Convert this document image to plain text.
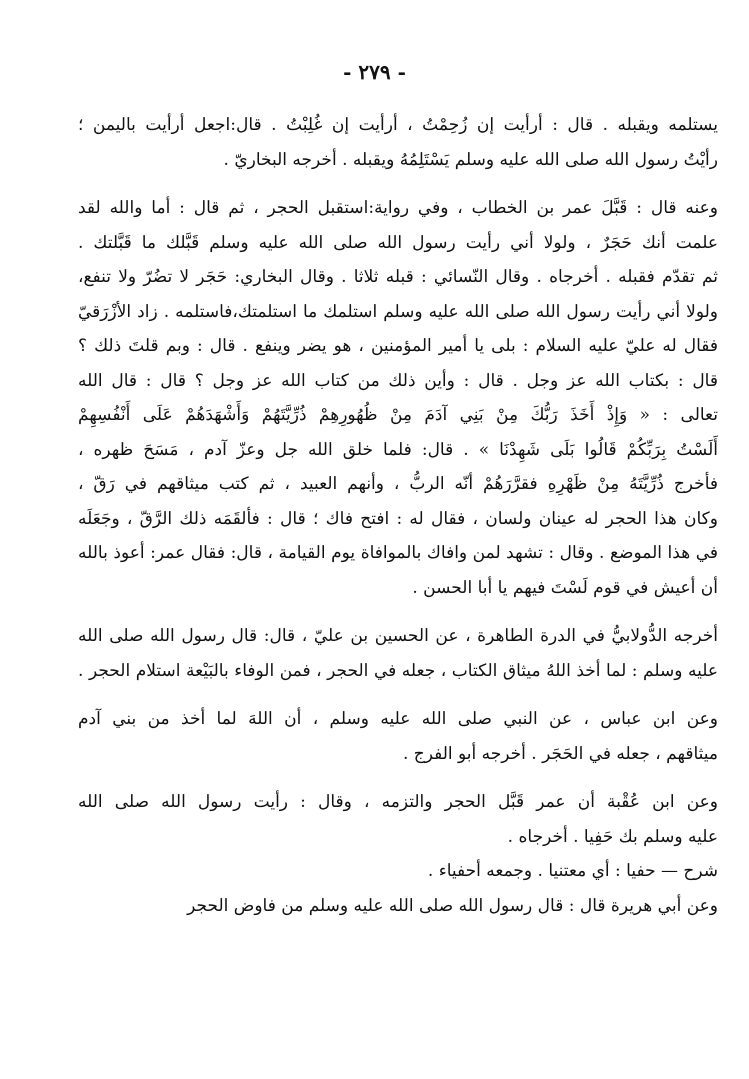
- ٢٧٩ -
يستلمه ويقبله . قال : أرأيت إن زُحِمْتُ ، أرأيت إن غُلِبْتُ . قال:اجعل أرأيت باليمن ؛
رأيْتُ رسول الله صلى الله عليه وسلم يَسْتَلِمُهُ ويقبله . أخرجه البخاريّ .
وعنه قال : قَبَّلَ عمر بن الخطاب ، وفي رواية:استقبل الحجر ، ثم قال : أما والله لقد
علمت أنك حَجَرٌ ، ولولا أني رأيت رسول الله صلى الله عليه وسلم قَبَّلك ما قَبَّلتك .
ثم تقدّم فقبله . أخرجاه . وقال النّسائي : قبله ثلاثا . وقال البخاري: حَجَر لا تضُرّ ولا تنفع،
ولولا أني رأيت رسول الله صلى الله عليه وسلم استلمك ما استلمتك،فاستلمه . زاد الأزْرَقيّ
فقال له عليّ عليه السلام : بلى يا أمير المؤمنين ، هو يضر وينفع . قال : وبم قلتَ ذلك ؟
قال : بكتاب الله عز وجل . قال : وأين ذلك من كتاب الله عز وجل ؟ قال : قال الله
تعالى : « وَإِذْ أَخَذَ رَبُّكَ مِنْ بَنِي آدَمَ مِنْ ظُهُورِهِمْ ذُرِّيَّتَهُمْ وَأَشْهَدَهُمْ عَلَى أَنْفُسِهِمْ
أَلَسْتُ بِرَبِّكُمْ قَالُوا بَلَى شَهِدْنَا » . قال: فلما خلق الله جل وعزّ آدم ، مَسَحَ ظهره ،
فأخرج ذُرِّيَّتَهُ مِنْ ظَهْرِهِ فقرَّرَهُمْ أنّه الربُّ ، وأنهم العبيد ، ثم كتب ميثاقهم في رَقّ ،
وكان هذا الحجر له عينان ولسان ، فقال له : افتح فاك ؛ قال : فألقَمَه ذلك الرَّقّ ، وجَعَلَه
في هذا الموضع . وقال : تشهد لمن وافاك بالموافاة يوم القيامة ، قال: فقال عمر: أعوذ بالله
أن أعيش في قوم لَسْتَ فيهم يا أبا الحسن .
أخرجه الدُّولابيُّ في الدرة الطاهرة ، عن الحسين بن عليّ ، قال: قال رسول الله صلى الله
عليه وسلم : لما أخذ اللهُ ميثاق الكتاب ، جعله في الحجر ، فمن الوفاء بالبَيْعة استلام الحجر .
وعن ابن عباس ، عن النبي صلى الله عليه وسلم ، أن اللهَ لما أخذ من بني آدم
ميثاقهم ، جعله في الحَجَر . أخرجه أبو الفرج .
وعن ابن عُقْبة أن عمر قَبَّل الحجر والتزمه ، وقال : رأيت رسول الله صلى الله
عليه وسلم بك حَفِيا . أخرجاه .
شرح — حفيا : أي معتنيا . وجمعه أحفياء .
وعن أبي هريرة قال : قال رسول الله صلى الله عليه وسلم من فاوض الحجر
